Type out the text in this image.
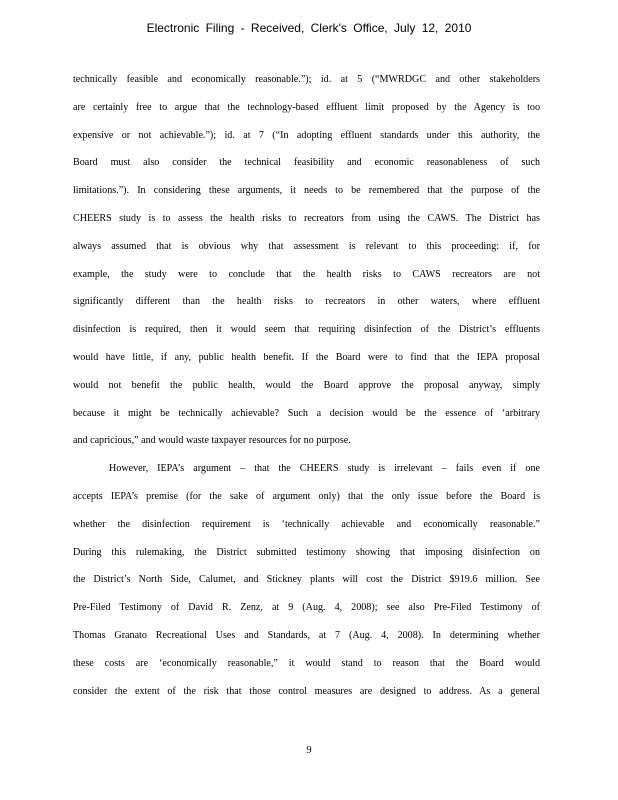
Electronic Filing - Received, Clerk's Office, July 12, 2010
technically feasible and economically reasonable.”); id. at 5 (“MWRDGC and other stakeholders
are certainly free to argue that the technology-based effluent limit proposed by the Agency is too
expensive or not achievable.”); id. at 7 (“In adopting effluent standards under this authority, the
Board must also consider the technical feasibility and economic reasonableness of such
limitations.”). In considering these arguments, it needs to be remembered that the purpose of the
CHEERS study is to assess the health risks to recreators from using the CAWS. The District has
always assumed that is obvious why that assessment is relevant to this proceeding: if, for
example, the study were to conclude that the health risks to CAWS recreators are not
significantly different than the health risks to recreators in other waters, where effluent
disinfection is required, then it would seem that requiring disinfection of the District’s effluents
would have little, if any, public health benefit. If the Board were to find that the IEPA proposal
would not benefit the public health, would the Board approve the proposal anyway, simply
because it might be technically achievable? Such a decision would be the essence of ‘arbitrary
and capricious,” and would waste taxpayer resources for no purpose.
However, IEPA’s argument – that the CHEERS study is irrelevant – fails even if one
accepts IEPA’s premise (for the sake of argument only) that the only issue before the Board is
whether the disinfection requirement is ‘technically achievable and economically reasonable.”
During this rulemaking, the District submitted testimony showing that imposing disinfection on
the District’s North Side, Calumet, and Stickney plants will cost the District $919.6 million. See
Pre-Filed Testimony of David R. Zenz, at 9 (Aug. 4, 2008); see also Pre-Filed Testimony of
Thomas Granato Recreational Uses and Standards, at 7 (Aug. 4, 2008). In determining whether
these costs are ‘economically reasonable,” it would stand to reason that the Board would
consider the extent of the risk that those control measures are designed to address. As a general
9
